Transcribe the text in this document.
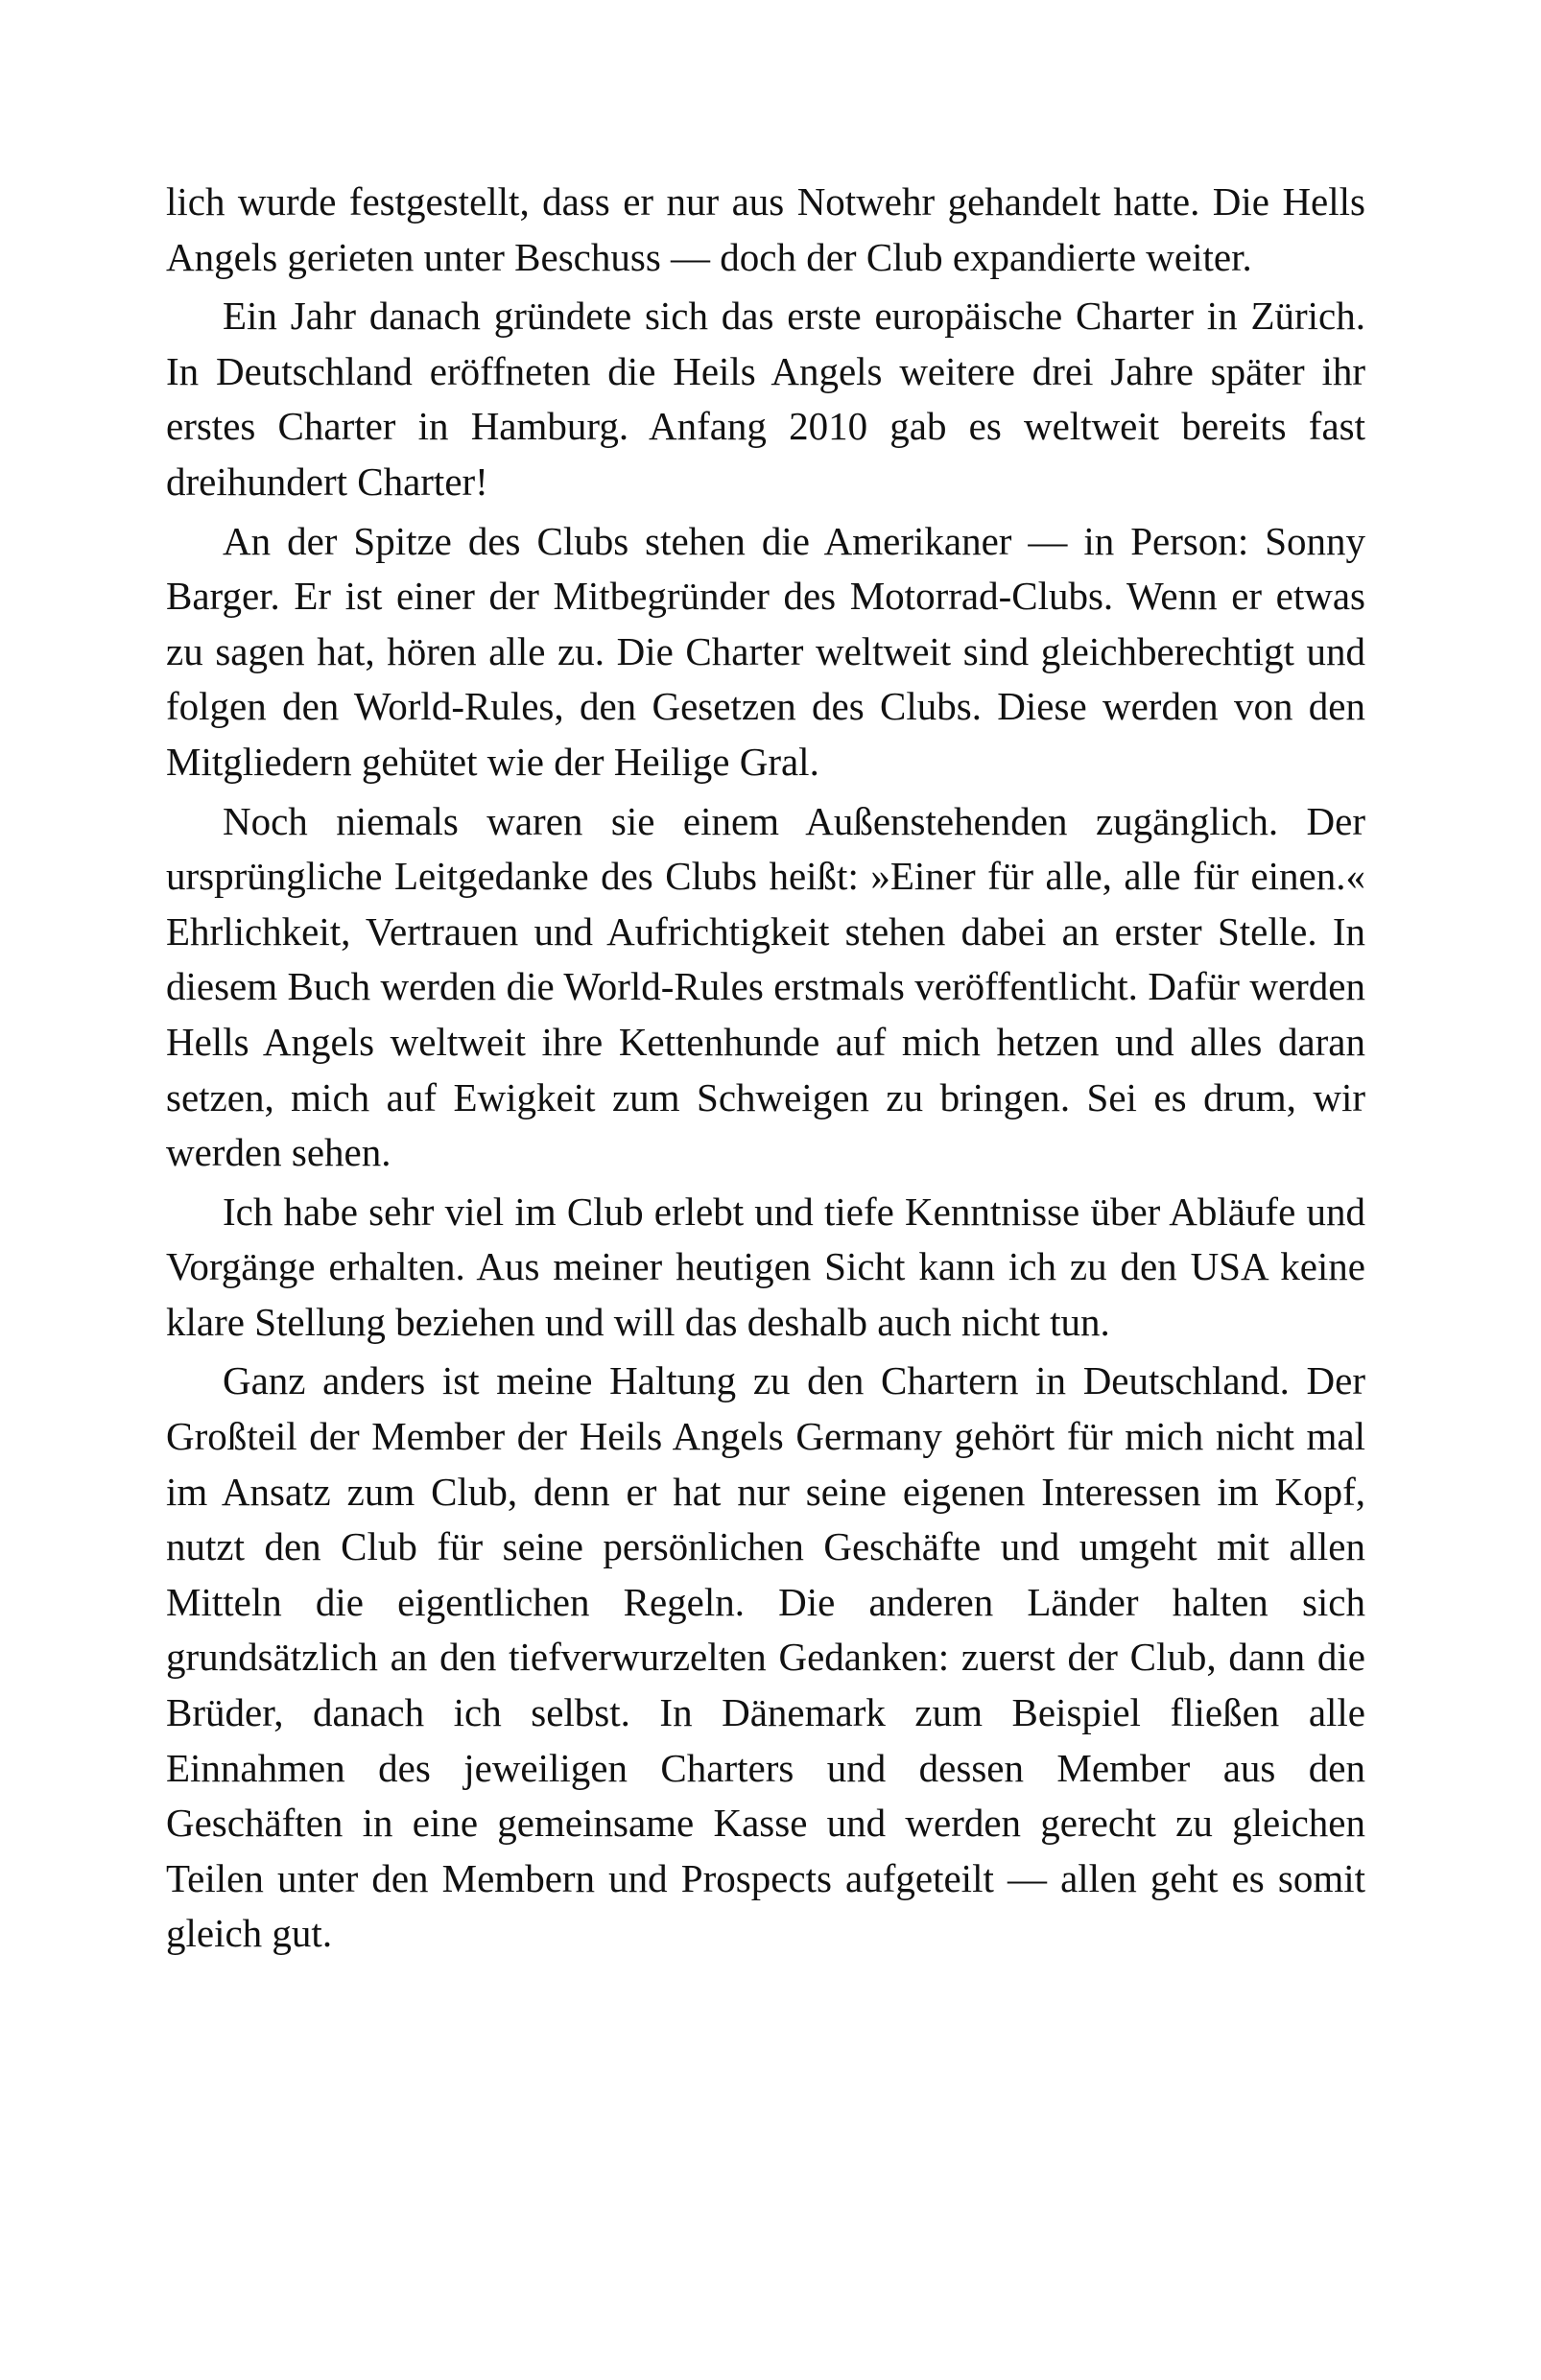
lich wurde festgestellt, dass er nur aus Notwehr gehandelt hatte. Die Hells Angels gerieten unter Beschuss — doch der Club expandierte weiter.

Ein Jahr danach gründete sich das erste europäische Charter in Zürich. In Deutschland eröffneten die Heils Angels weitere drei Jahre später ihr erstes Charter in Hamburg. Anfang 2010 gab es weltweit bereits fast dreihundert Charter!

An der Spitze des Clubs stehen die Amerikaner — in Person: Sonny Barger. Er ist einer der Mitbegründer des Motorrad-Clubs. Wenn er etwas zu sagen hat, hören alle zu. Die Charter weltweit sind gleichberechtigt und folgen den World-Rules, den Gesetzen des Clubs. Diese werden von den Mitgliedern gehütet wie der Heilige Gral.

Noch niemals waren sie einem Außenstehenden zugänglich. Der ursprüngliche Leitgedanke des Clubs heißt: »Einer für alle, alle für einen.« Ehrlichkeit, Vertrauen und Aufrichtigkeit stehen dabei an erster Stelle. In diesem Buch werden die World-Rules erstmals veröffentlicht. Dafür werden Hells Angels weltweit ihre Kettenhunde auf mich hetzen und alles daran setzen, mich auf Ewigkeit zum Schweigen zu bringen. Sei es drum, wir werden sehen.

Ich habe sehr viel im Club erlebt und tiefe Kenntnisse über Abläufe und Vorgänge erhalten. Aus meiner heutigen Sicht kann ich zu den USA keine klare Stellung beziehen und will das deshalb auch nicht tun.

Ganz anders ist meine Haltung zu den Chartern in Deutschland. Der Großteil der Member der Heils Angels Germany gehört für mich nicht mal im Ansatz zum Club, denn er hat nur seine eigenen Interessen im Kopf, nutzt den Club für seine persönlichen Geschäfte und umgeht mit allen Mitteln die eigentlichen Regeln. Die anderen Länder halten sich grundsätzlich an den tiefverwurzelten Gedanken: zuerst der Club, dann die Brüder, danach ich selbst. In Dänemark zum Beispiel fließen alle Einnahmen des jeweiligen Charters und dessen Member aus den Geschäften in eine gemeinsame Kasse und werden gerecht zu gleichen Teilen unter den Membern und Prospects aufgeteilt — allen geht es somit gleich gut.
